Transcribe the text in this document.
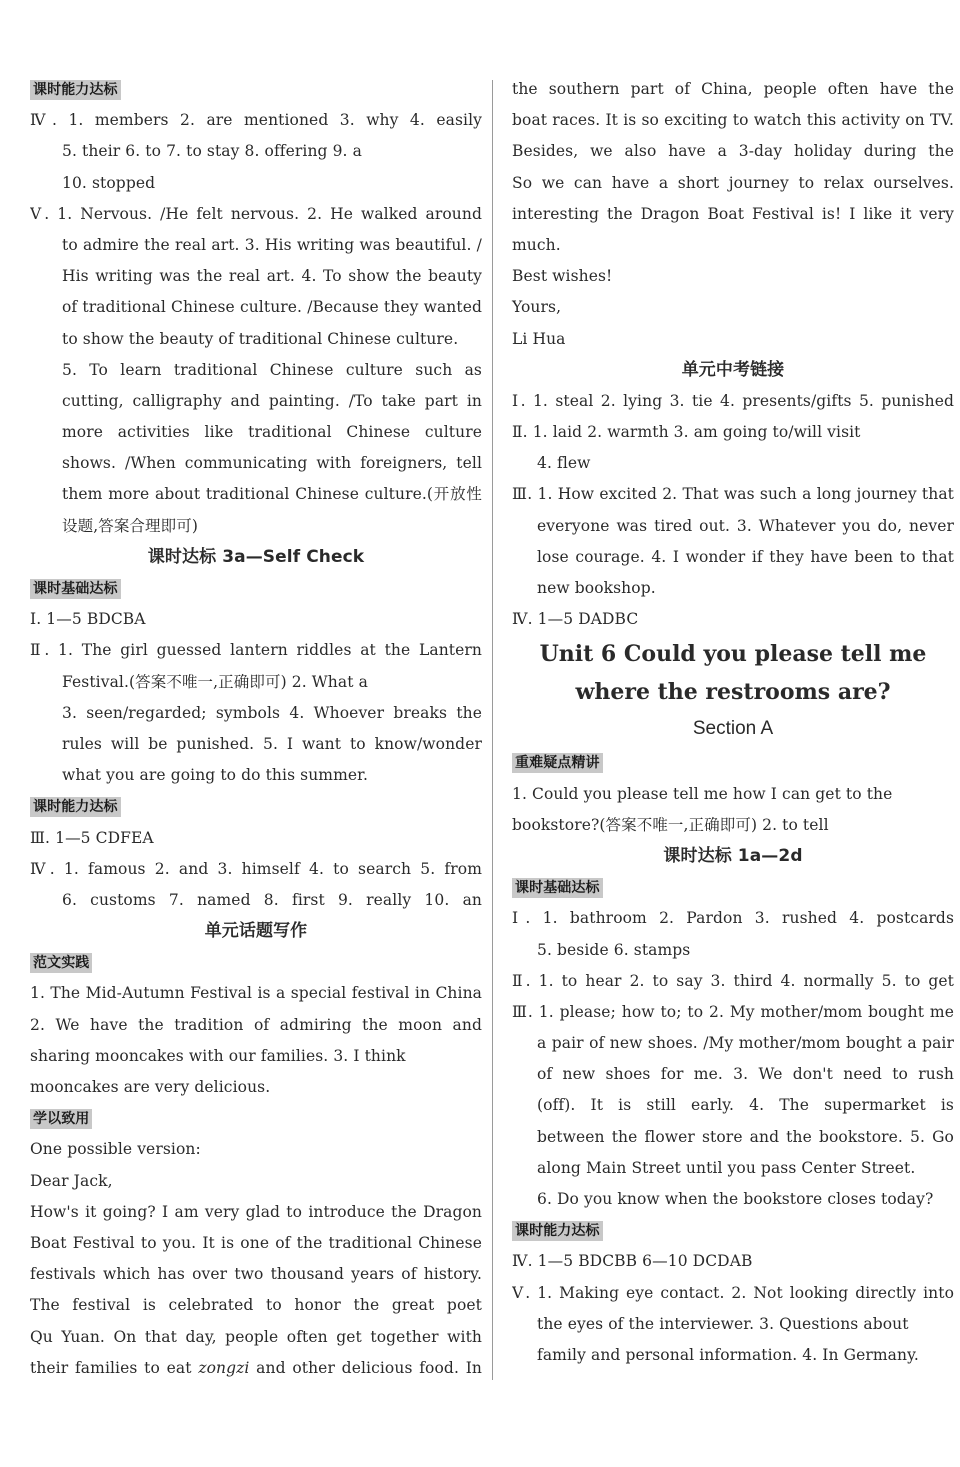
课时能力达标
Ⅳ. 1. members 2. are mentioned 3. why 4. easily
5. their 6. to 7. to stay 8. offering 9. a
10. stopped
Ⅴ. 1. Nervous. /He felt nervous. 2. He walked around
to admire the real art. 3. His writing was beautiful. /
His writing was the real art. 4. To show the beauty
of traditional Chinese culture. /Because they wanted
to show the beauty of traditional Chinese culture.
5. To learn traditional Chinese culture such as
cutting, calligraphy and painting. /To take part in
more activities like traditional Chinese culture
shows. /When communicating with foreigners, tell
them more about traditional Chinese culture.(开放性
设题,答案合理即可)
课时达标 3a—Self Check
课时基础达标
Ⅰ. 1—5 BDCBA
Ⅱ. 1. The girl guessed lantern riddles at the Lantern
Festival.(答案不唯一,正确即可) 2. What a
3. seen/regarded; symbols 4. Whoever breaks the
rules will be punished. 5. I want to know/wonder
what you are going to do this summer.
课时能力达标
Ⅲ. 1—5 CDFEA
Ⅳ. 1. famous 2. and 3. himself 4. to search 5. from
6. customs 7. named 8. first 9. really 10. an
单元话题写作
范文实践
1. The Mid-Autumn Festival is a special festival in China
2. We have the tradition of admiring the moon and
sharing mooncakes with our families. 3. I think
mooncakes are very delicious.
学以致用
One possible version:
Dear Jack,
How's it going? I am very glad to introduce the Dragon
Boat Festival to you. It is one of the traditional Chinese
festivals which has over two thousand years of history.
The festival is celebrated to honor the great poet
Qu Yuan. On that day, people often get together with
their families to eat zongzi and other delicious food. In
the southern part of China, people often have the
boat races. It is so exciting to watch this activity on TV.
Besides, we also have a 3-day holiday during the
So we can have a short journey to relax ourselves.
interesting the Dragon Boat Festival is! I like it very
much.
Best wishes!
Yours,
Li Hua
单元中考链接
Ⅰ. 1. steal 2. lying 3. tie 4. presents/gifts 5. punished
Ⅱ. 1. laid 2. warmth 3. am going to/will visit
4. flew
Ⅲ. 1. How excited 2. That was such a long journey that
everyone was tired out. 3. Whatever you do, never
lose courage. 4. I wonder if they have been to that
new bookshop.
Ⅳ. 1—5 DADBC
Unit 6 Could you please tell me
where the restrooms are?
Section A
重难疑点精讲
1. Could you please tell me how I can get to the
bookstore?(答案不唯一,正确即可) 2. to tell
课时达标 1a—2d
课时基础达标
Ⅰ. 1. bathroom 2. Pardon 3. rushed 4. postcards
5. beside 6. stamps
Ⅱ. 1. to hear 2. to say 3. third 4. normally 5. to get
Ⅲ. 1. please; how to; to 2. My mother/mom bought me
a pair of new shoes. /My mother/mom bought a pair
of new shoes for me. 3. We don't need to rush
(off). It is still early. 4. The supermarket is
between the flower store and the bookstore. 5. Go
along Main Street until you pass Center Street.
6. Do you know when the bookstore closes today?
课时能力达标
Ⅳ. 1—5 BDCBB 6—10 DCDAB
Ⅴ. 1. Making eye contact. 2. Not looking directly into
the eyes of the interviewer. 3. Questions about
family and personal information. 4. In Germany.
